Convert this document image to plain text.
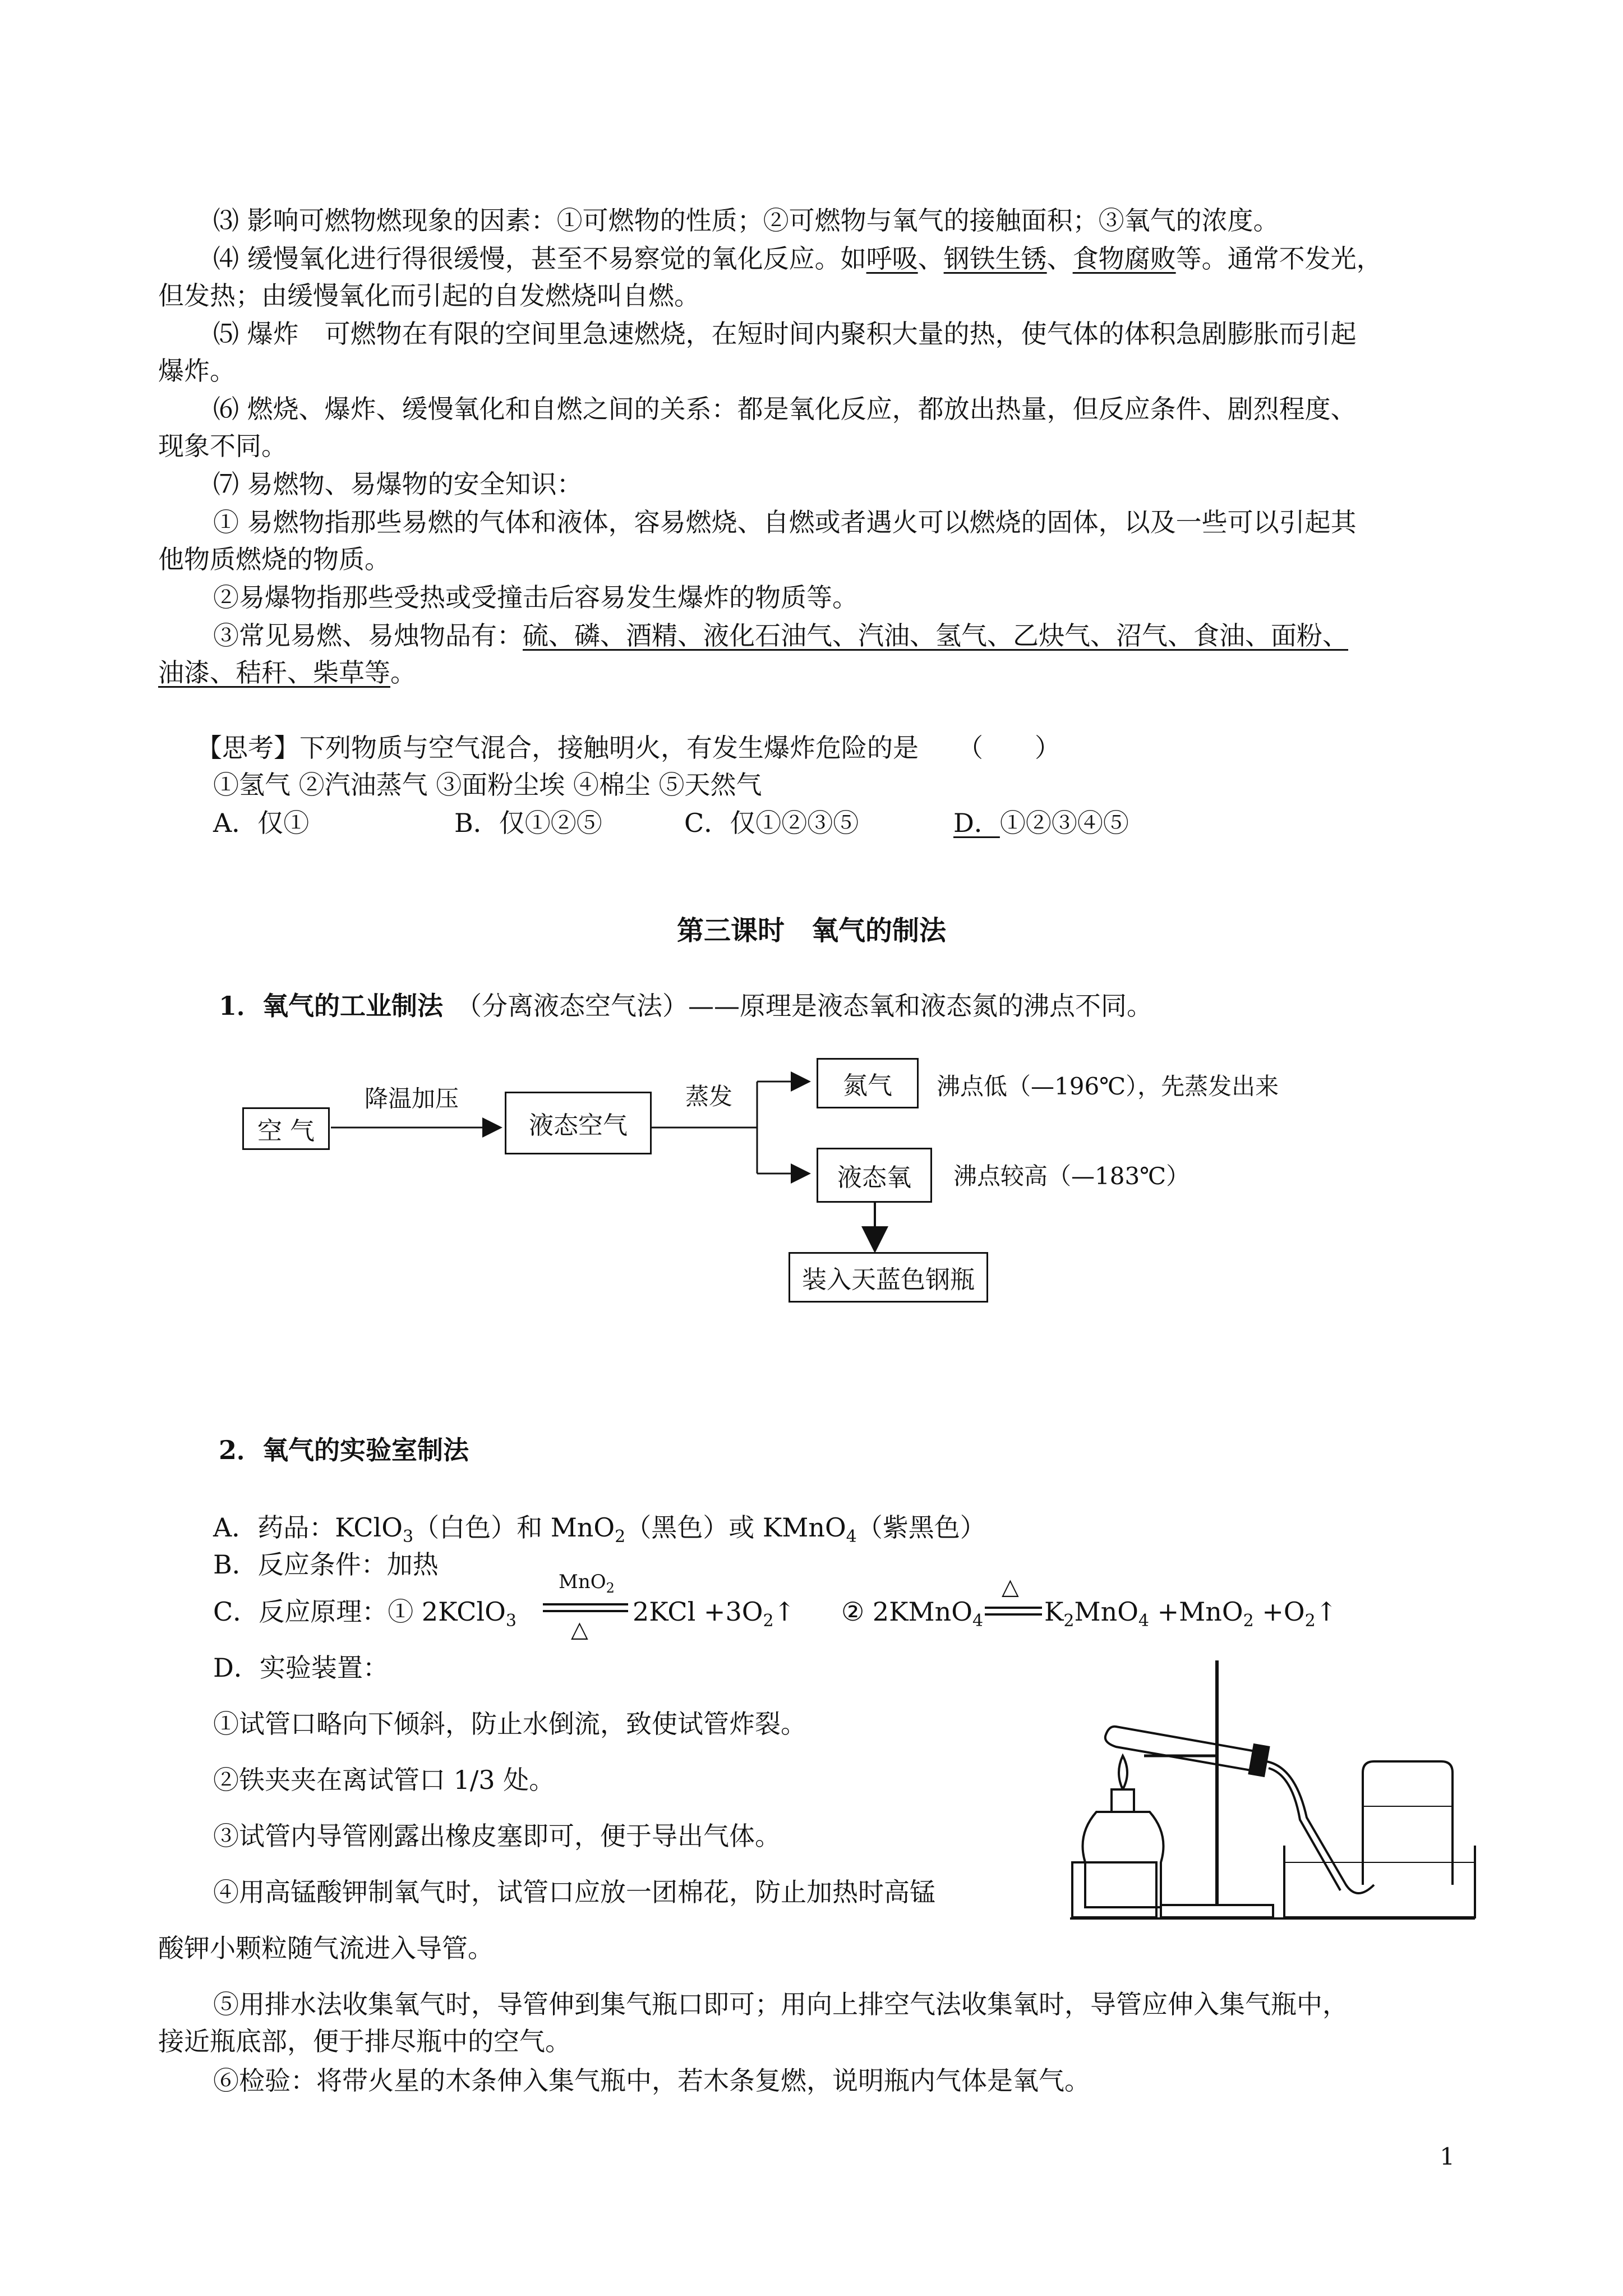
⑶ 影响可燃物燃现象的因素：①可燃物的性质；②可燃物与氧气的接触面积；③氧气的浓度。
⑷ 缓慢氧化进行得很缓慢，甚至不易察觉的氧化反应。如呼吸、钢铁生锈、食物腐败等。通常不发光，
但发热；由缓慢氧化而引起的自发燃烧叫自燃。
⑸ 爆炸　可燃物在有限的空间里急速燃烧，在短时间内聚积大量的热，使气体的体积急剧膨胀而引起
爆炸。
⑹ 燃烧、爆炸、缓慢氧化和自燃之间的关系：都是氧化反应，都放出热量，但反应条件、剧烈程度、
现象不同。
⑺ 易燃物、易爆物的安全知识：
① 易燃物指那些易燃的气体和液体，容易燃烧、自燃或者遇火可以燃烧的固体，以及一些可以引起其
他物质燃烧的物质。
②易爆物指那些受热或受撞击后容易发生爆炸的物质等。
③常见易燃、易烛物品有：硫、磷、酒精、液化石油气、汽油、氢气、乙炔气、沼气、食油、面粉、
油漆、秸秆、柴草等。
【思考】下列物质与空气混合，接触明火，有发生爆炸危险的是　　（　　）
①氢气 ②汽油蒸气 ③面粉尘埃 ④棉尘 ⑤天然气
A．仅①	B．仅①②⑤	C．仅①②③⑤	D．①②③④⑤
第三课时　氧气的制法
1．氧气的工业制法　 （分离液态空气法）——原理是液态氧和液态氮的沸点不同。
空 气
降温加压
液态空气
蒸发	氮气	沸点低（—196℃），先蒸发出来
液态氧	沸点较高（—183℃）
装入天蓝色钢瓶
2．氧气的实验室制法
A．药品：KClO$_3$（白色）和 MnO$_2$（黑色）或 KMnO$_4$（紫黑色）
B．反应条件：加热
C．反应原理：① 2KClO$_3$
MnO$_2$
△
$2KCl +3O_2↑$ ② 2KMnO$_4$
△
$K_2MnO_4 +MnO_2$ $+O_2↑$
D．实验装置：
①试管口略向下倾斜，防止水倒流，致使试管炸裂。
②铁夹夹在离试管口 1/3 处。
③试管内导管刚露出橡皮塞即可，便于导出气体。
④用高锰酸钾制氧气时，试管口应放一团棉花，防止加热时高锰
酸钾小颗粒随气流进入导管。
⑤用排水法收集氧气时，导管伸到集气瓶口即可；用向上排空气法收集氧时，导管应伸入集气瓶中，
接近瓶底部，便于排尽瓶中的空气。
⑥检验：将带火星的木条伸入集气瓶中，若木条复燃，说明瓶内气体是氧气。
1
